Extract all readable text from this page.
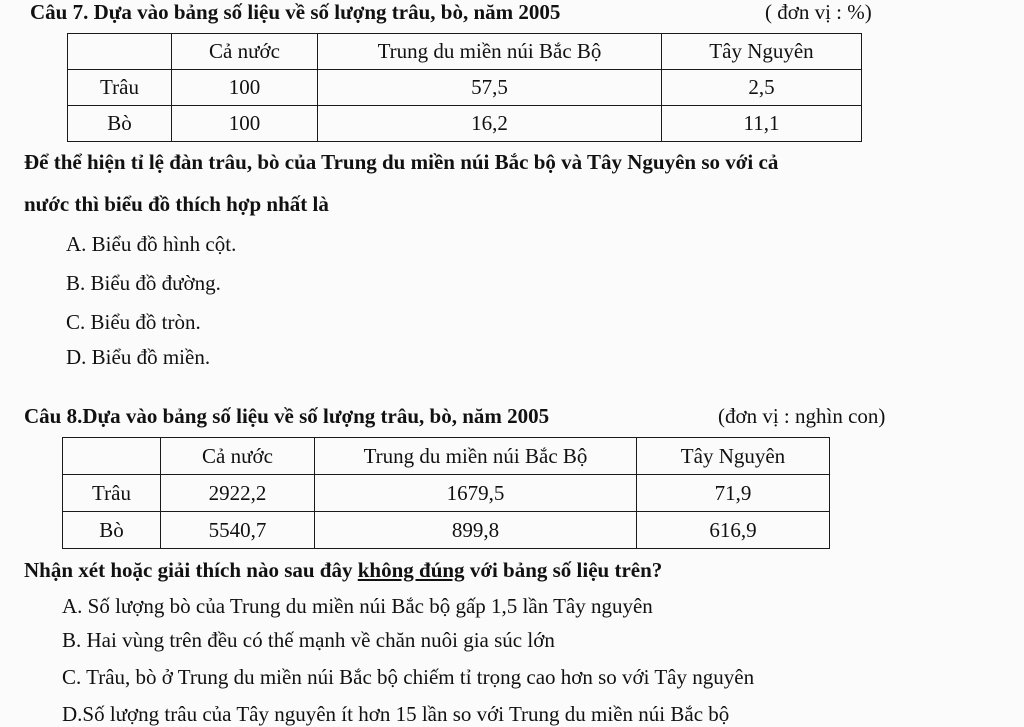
Câu 7. Dựa vào bảng số liệu về số lượng trâu, bò, năm 2005	( đơn vị : %)
	Cả nước	Trung du miền núi Bắc Bộ	Tây Nguyên
Trâu	100	57,5	2,5
Bò	100	16,2	11,1
Để thể hiện tỉ lệ đàn trâu, bò của Trung du miền núi Bắc bộ và Tây Nguyên so với cả
nước thì biểu đồ thích hợp nhất là
A. Biểu đồ hình cột.
B. Biểu đồ đường.
C. Biểu đồ tròn.
D. Biểu đồ miền.
Câu 8.Dựa vào bảng số liệu về số lượng trâu, bò, năm 2005	(đơn vị : nghìn con)
	Cả nước	Trung du miền núi Bắc Bộ	Tây Nguyên
Trâu	2922,2	1679,5	71,9
Bò	5540,7	899,8	616,9
Nhận xét hoặc giải thích nào sau đây không đúng với bảng số liệu trên?
A. Số lượng bò của Trung du miền núi Bắc bộ gấp 1,5 lần Tây nguyên
B. Hai vùng trên đều có thế mạnh về chăn nuôi gia súc lớn
C. Trâu, bò ở Trung du miền núi Bắc bộ chiếm tỉ trọng cao hơn so với Tây nguyên
D.Số lượng trâu của Tây nguyên ít hơn 15 lần so với Trung du miền núi Bắc bộ
